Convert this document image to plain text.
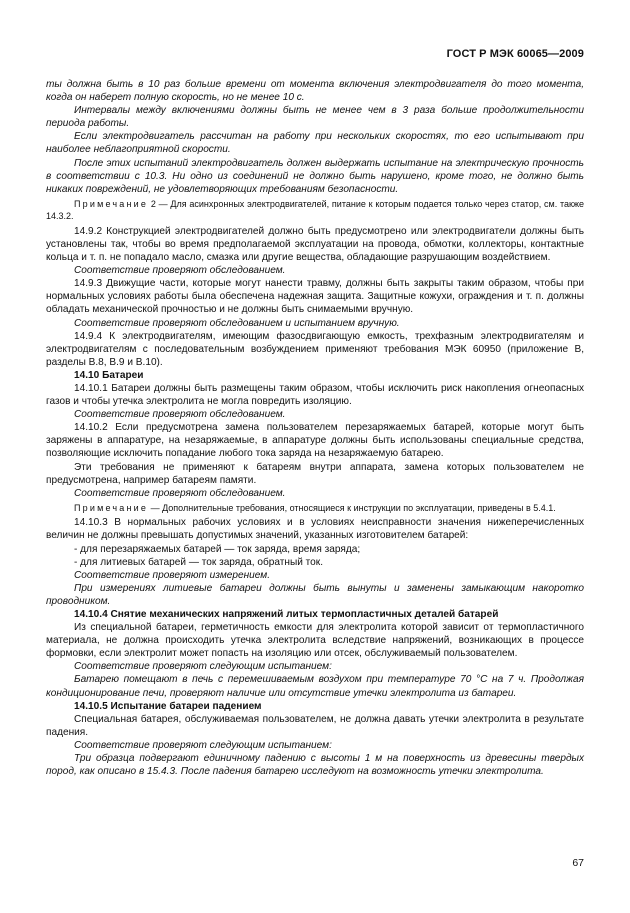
ГОСТ Р МЭК 60065—2009

ты должна быть в 10 раз больше времени от момента включения электродвигателя до того момента, когда он наберет полную скорость, но не менее 10 с.

Интервалы между включениями должны быть не менее чем в 3 раза больше продолжительности периода работы.

Если электродвигатель рассчитан на работу при нескольких скоростях, то его испытывают при наиболее неблагоприятной скорости.

После этих испытаний электродвигатель должен выдержать испытание на электрическую прочность в соответствии с 10.3. Ни одно из соединений не должно быть нарушено, кроме того, не должно быть никаких повреждений, не удовлетворяющих требованиям безопасности.

Примечание 2 — Для асинхронных электродвигателей, питание к которым подается только через статор, см. также 14.3.2.

14.9.2 Конструкцией электродвигателей должно быть предусмотрено или электродвигатели должны быть установлены так, чтобы во время предполагаемой эксплуатации на провода, обмотки, коллекторы, контактные кольца и т. п. не попадало масло, смазка или другие вещества, обладающие разрушающим воздействием.

Соответствие проверяют обследованием.

14.9.3 Движущие части, которые могут нанести травму, должны быть закрыты таким образом, чтобы при нормальных условиях работы была обеспечена надежная защита. Защитные кожухи, ограждения и т. п. должны обладать механической прочностью и не должны быть снимаемыми вручную.

Соответствие проверяют обследованием и испытанием вручную.

14.9.4 К электродвигателям, имеющим фазосдвигающую емкость, трехфазным электродвигателям и электродвигателям с последовательным возбуждением применяют требования МЭК 60950 (приложение В, разделы В.8, В.9 и В.10).

14.10 Батареи

14.10.1 Батареи должны быть размещены таким образом, чтобы исключить риск накопления огнеопасных газов и чтобы утечка электролита не могла повредить изоляцию.

Соответствие проверяют обследованием.

14.10.2 Если предусмотрена замена пользователем перезаряжаемых батарей, которые могут быть заряжены в аппаратуре, на незаряжаемые, в аппаратуре должны быть использованы специальные средства, позволяющие исключить попадание любого тока заряда на незаряжаемую батарею.

Эти требования не применяют к батареям внутри аппарата, замена которых пользователем не предусмотрена, например батареям памяти.

Соответствие проверяют обследованием.

Примечание — Дополнительные требования, относящиеся к инструкции по эксплуатации, приведены в 5.4.1.

14.10.3 В нормальных рабочих условиях и в условиях неисправности значения нижеперечисленных величин не должны превышать допустимых значений, указанных изготовителем батарей:

- для перезаряжаемых батарей — ток заряда, время заряда;

- для литиевых батарей — ток заряда, обратный ток.

Соответствие проверяют измерением.

При измерениях литиевые батареи должны быть вынуты и заменены замыкающим накоротко проводником.

14.10.4 Снятие механических напряжений литых термопластичных деталей батарей

Из специальной батареи, герметичность емкости для электролита которой зависит от термопластичного материала, не должна происходить утечка электролита вследствие напряжений, возникающих в процессе формовки, если электролит может попасть на изоляцию или отсек, обслуживаемый пользователем.

Соответствие проверяют следующим испытанием:

Батарею помещают в печь с перемешиваемым воздухом при температуре 70 °С на 7 ч. Продолжая кондиционирование печи, проверяют наличие или отсутствие утечки электролита из батареи.

14.10.5 Испытание батареи падением

Специальная батарея, обслуживаемая пользователем, не должна давать утечки электролита в результате падения.

Соответствие проверяют следующим испытанием:

Три образца подвергают единичному падению с высоты 1 м на поверхность из древесины твердых пород, как описано в 15.4.3. После падения батарею исследуют на возможность утечки электролита.

67
